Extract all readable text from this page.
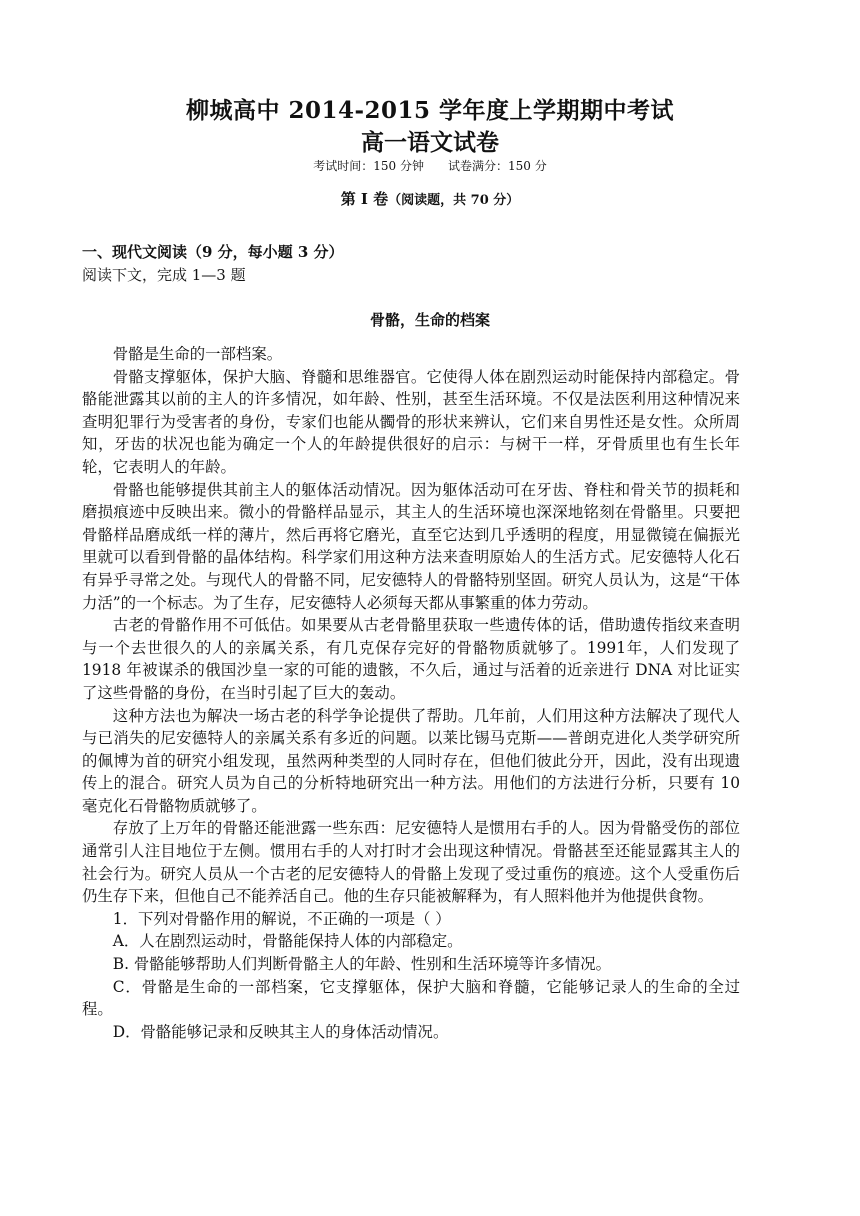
柳城高中 2014-2015 学年度上学期期中考试
高一语文试卷
考试时间：150 分钟 试卷满分：150 分
第 Ⅰ 卷（阅读题，共 70 分）
一、现代文阅读（9 分，每小题 3 分）
阅读下文，完成 1—3 题
骨骼，生命的档案

骨骼是生命的一部档案。

骨骼支撑躯体，保护大脑、脊髓和思维器官。它使得人体在剧烈运动时能保持内部稳定。骨骼能泄露其以前的主人的许多情况，如年龄、性别，甚至生活环境。不仅是法医利用这种情况来查明犯罪行为受害者的身份，专家们也能从髑骨的形状来辨认，它们来自男性还是女性。众所周知，牙齿的状况也能为确定一个人的年龄提供很好的启示：与树干一样，牙骨质里也有生长年轮，它表明人的年龄。

骨骼也能够提供其前主人的躯体活动情况。因为躯体活动可在牙齿、脊柱和骨关节的损耗和磨损痕迹中反映出来。微小的骨骼样品显示，其主人的生活环境也深深地铭刻在骨骼里。只要把骨骼样品磨成纸一样的薄片，然后再将它磨光，直至它达到几乎透明的程度，用显微镜在偏振光里就可以看到骨骼的晶体结构。科学家们用这种方法来查明原始人的生活方式。尼安德特人化石有异乎寻常之处。与现代人的骨骼不同，尼安德特人的骨骼特别坚固。研究人员认为，这是“干体力活”的一个标志。为了生存，尼安德特人必须每天都从事繁重的体力劳动。

古老的骨骼作用不可低估。如果要从古老骨骼里获取一些遗传体的话，借助遗传指纹来查明与一个去世很久的人的亲属关系，有几克保存完好的骨骼物质就够了。1991年，人们发现了 1918 年被谋杀的俄国沙皇一家的可能的遗骸，不久后，通过与活着的近亲进行 DNA 对比证实了这些骨骼的身份，在当时引起了巨大的轰动。

这种方法也为解决一场古老的科学争论提供了帮助。几年前，人们用这种方法解决了现代人与已消失的尼安德特人的亲属关系有多近的问题。以莱比锡马克斯——普朗克进化人类学研究所的佩博为首的研究小组发现，虽然两种类型的人同时存在，但他们彼此分开，因此，没有出现遗传上的混合。研究人员为自己的分析特地研究出一种方法。用他们的方法进行分析，只要有 10 毫克化石骨骼物质就够了。

存放了上万年的骨骼还能泄露一些东西：尼安德特人是惯用右手的人。因为骨骼受伤的部位通常引人注目地位于左侧。惯用右手的人对打时才会出现这种情况。骨骼甚至还能显露其主人的社会行为。研究人员从一个古老的尼安德特人的骨骼上发现了受过重伤的痕迹。这个人受重伤后仍生存下来，但他自己不能养活自己。他的生存只能被解释为，有人照料他并为他提供食物。

1．下列对骨骼作用的解说，不正确的一项是（ ）

A．人在剧烈运动时，骨骼能保持人体的内部稳定。

B. 骨骼能够帮助人们判断骨骼主人的年龄、性别和生活环境等许多情况。

C．骨骼是生命的一部档案，它支撑躯体，保护大脑和脊髓，它能够记录人的生命的全过程。

D．骨骼能够记录和反映其主人的身体活动情况。
